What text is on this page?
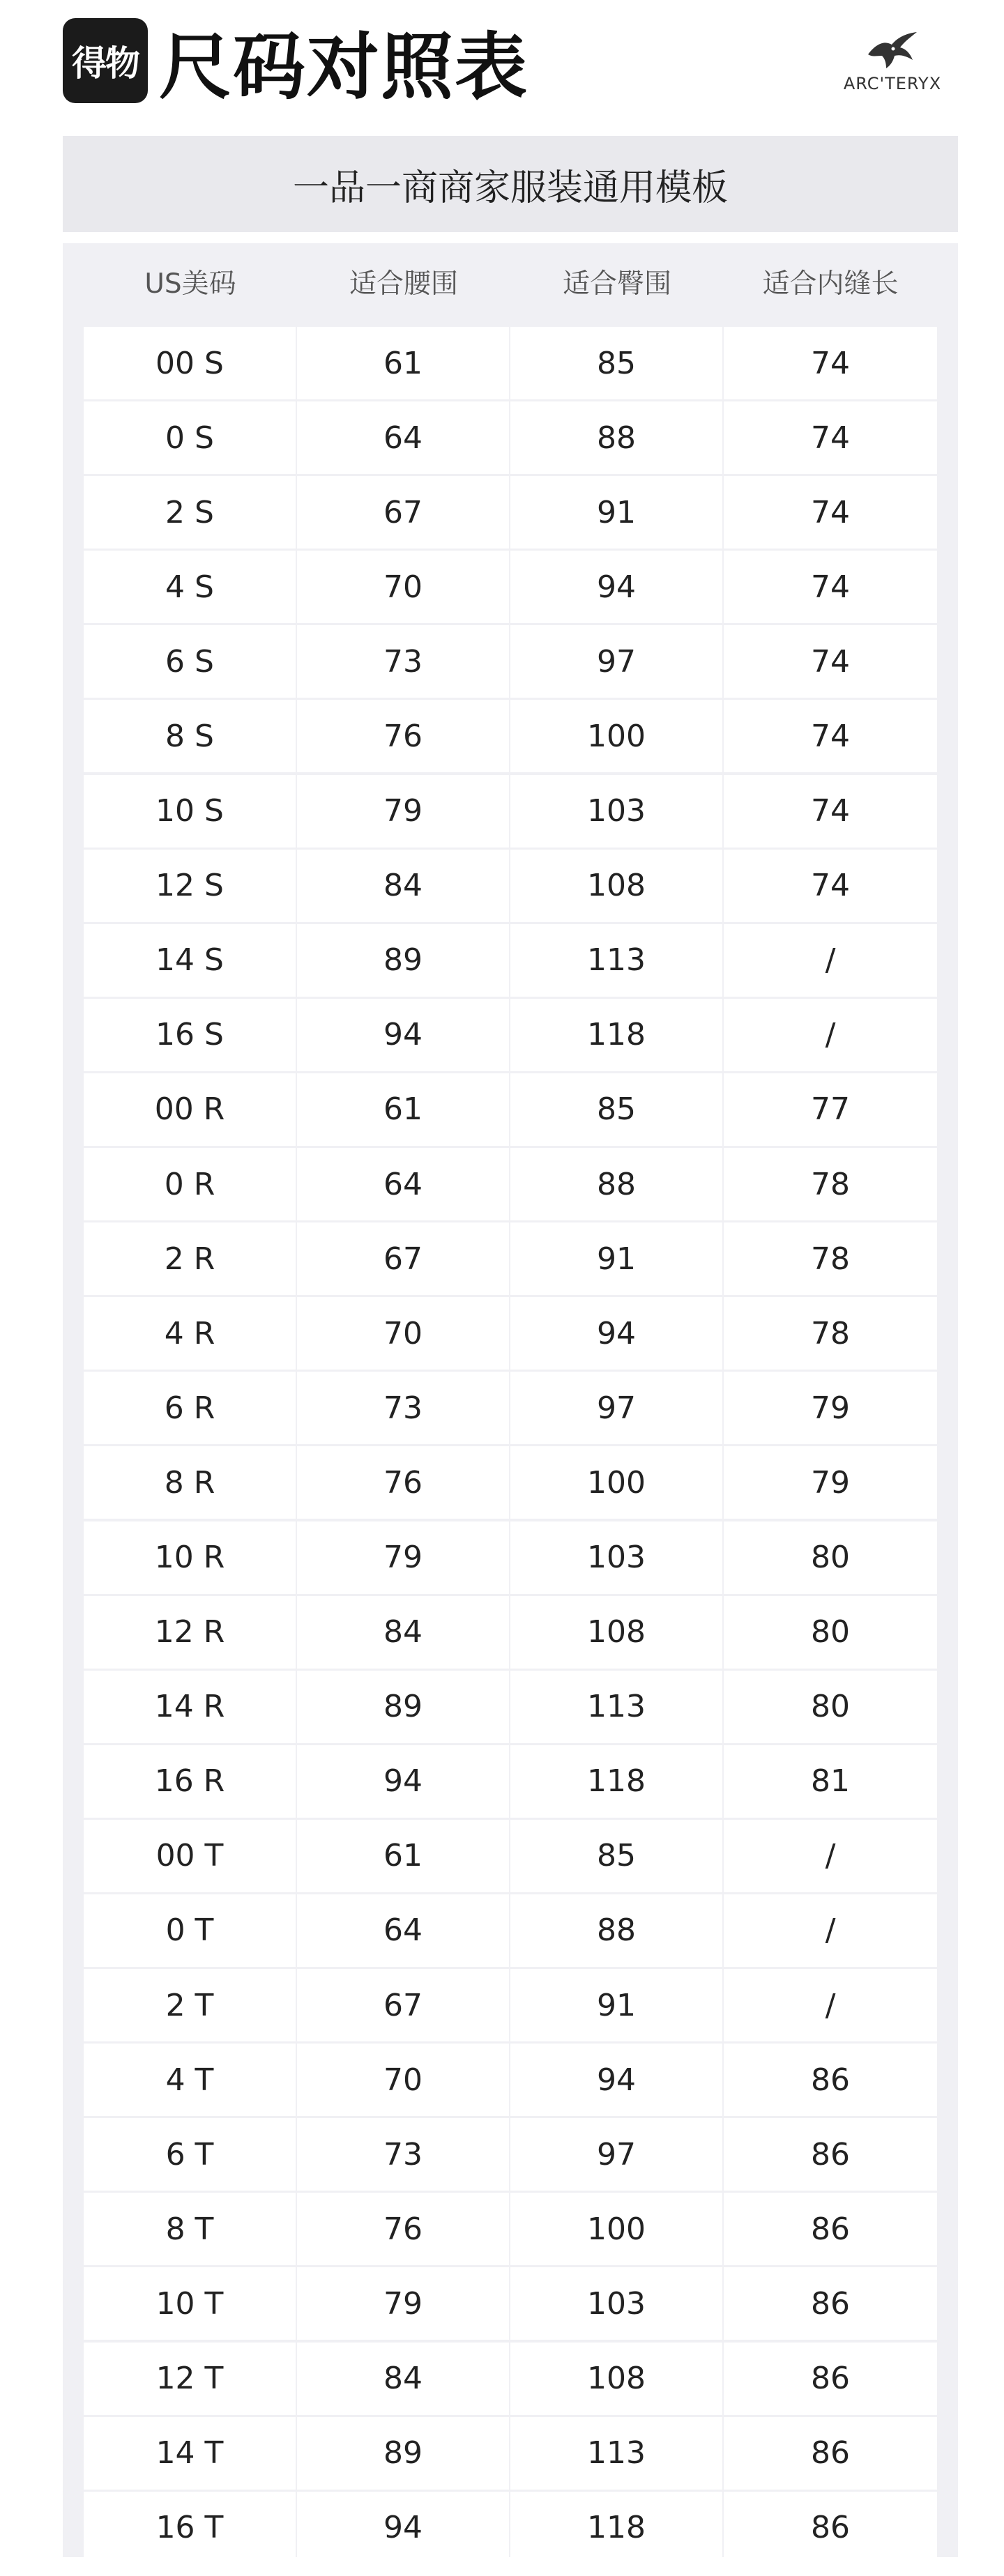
得物 尺码对照表	ARC'TERYX
一品一商商家服装通用模板
US美码	适合腰围	适合臀围	适合内缝长
00 S	61	85	74
0 S	64	88	74
2 S	67	91	74
4 S	70	94	74
6 S	73	97	74
8 S	76	100	74
10 S	79	103	74
12 S	84	108	74
14 S	89	113	/
16 S	94	118	/
00 R	61	85	77
0 R	64	88	78
2 R	67	91	78
4 R	70	94	78
6 R	73	97	79
8 R	76	100	79
10 R	79	103	80
12 R	84	108	80
14 R	89	113	80
16 R	94	118	81
00 T	61	85	/
0 T	64	88	/
2 T	67	91	/
4 T	70	94	86
6 T	73	97	86
8 T	76	100	86
10 T	79	103	86
12 T	84	108	86
14 T	89	113	86
16 T	94	118	86
